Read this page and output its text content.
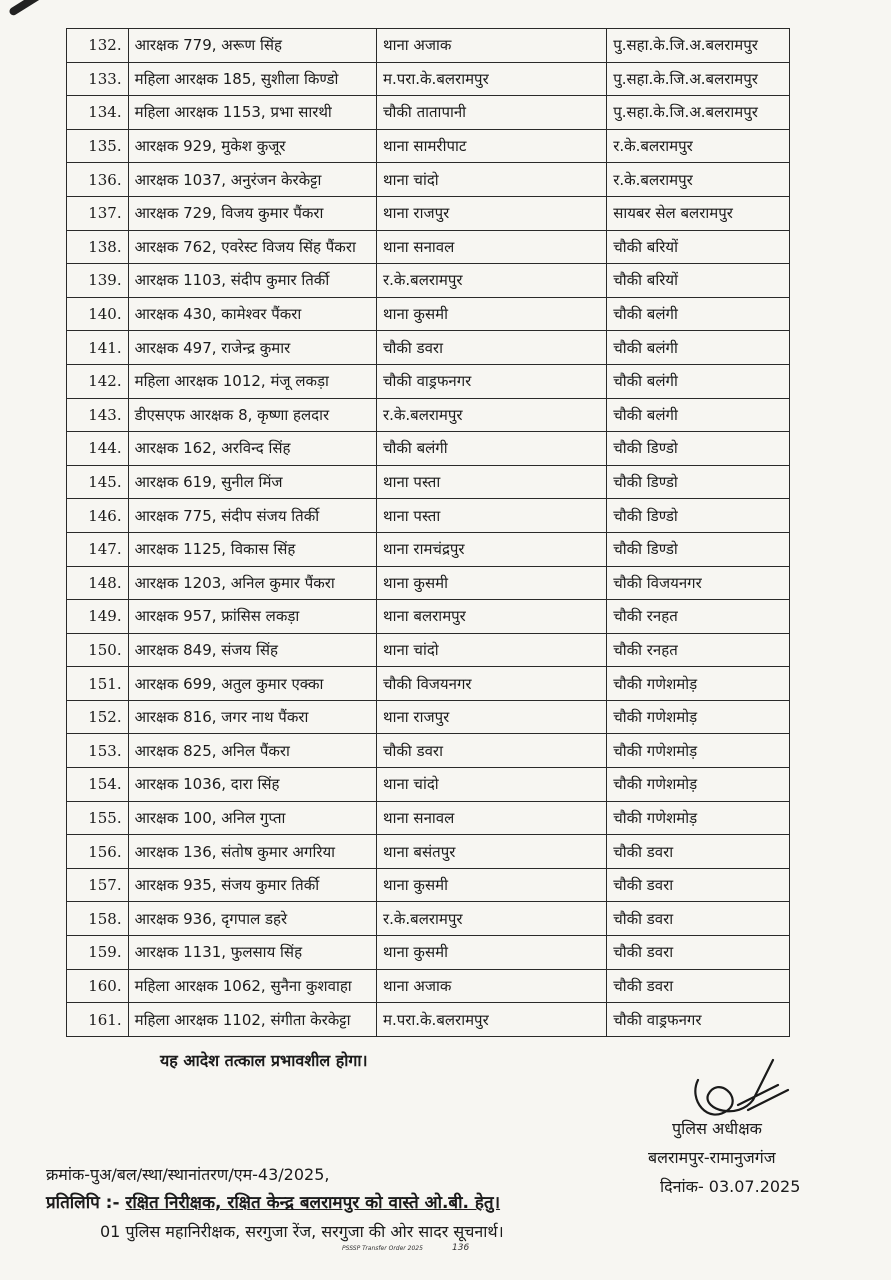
132.	आरक्षक 779, अरूण सिंह	थाना अजाक	पु.सहा.के.जि.अ.बलरामपुर
133.	महिला आरक्षक 185, सुशीला किण्डो	म.परा.के.बलरामपुर	पु.सहा.के.जि.अ.बलरामपुर
134.	महिला आरक्षक 1153, प्रभा सारथी	चौकी तातापानी	पु.सहा.के.जि.अ.बलरामपुर
135.	आरक्षक 929, मुकेश कुजूर	थाना सामरीपाट	र.के.बलरामपुर
136.	आरक्षक 1037, अनुरंजन केरकेट्टा	थाना चांदो	र.के.बलरामपुर
137.	आरक्षक 729, विजय कुमार पैंकरा	थाना राजपुर	सायबर सेल बलरामपुर
138.	आरक्षक 762, एवरेस्ट विजय सिंह पैंकरा	थाना सनावल	चौकी बरियों
139.	आरक्षक 1103, संदीप कुमार तिर्की	र.के.बलरामपुर	चौकी बरियों
140.	आरक्षक 430, कामेश्वर पैंकरा	थाना कुसमी	चौकी बलंगी
141.	आरक्षक 497, राजेन्द्र कुमार	चौकी डवरा	चौकी बलंगी
142.	महिला आरक्षक 1012, मंजू लकड़ा	चौकी वाड्रफनगर	चौकी बलंगी
143.	डीएसएफ आरक्षक 8, कृष्णा हलदार	र.के.बलरामपुर	चौकी बलंगी
144.	आरक्षक 162, अरविन्द सिंह	चौकी बलंगी	चौकी डिण्डो
145.	आरक्षक 619, सुनील मिंज	थाना पस्ता	चौकी डिण्डो
146.	आरक्षक 775, संदीप संजय तिर्की	थाना पस्ता	चौकी डिण्डो
147.	आरक्षक 1125, विकास सिंह	थाना रामचंद्रपुर	चौकी डिण्डो
148.	आरक्षक 1203, अनिल कुमार पैंकरा	थाना कुसमी	चौकी विजयनगर
149.	आरक्षक 957, फ्रांसिस लकड़ा	थाना बलरामपुर	चौकी रनहत
150.	आरक्षक 849, संजय सिंह	थाना चांदो	चौकी रनहत
151.	आरक्षक 699, अतुल कुमार एक्का	चौकी विजयनगर	चौकी गणेशमोड़
152.	आरक्षक 816, जगर नाथ पैंकरा	थाना राजपुर	चौकी गणेशमोड़
153.	आरक्षक 825, अनिल पैंकरा	चौकी डवरा	चौकी गणेशमोड़
154.	आरक्षक 1036, दारा सिंह	थाना चांदो	चौकी गणेशमोड़
155.	आरक्षक 100, अनिल गुप्ता	थाना सनावल	चौकी गणेशमोड़
156.	आरक्षक 136, संतोष कुमार अगरिया	थाना बसंतपुर	चौकी डवरा
157.	आरक्षक 935, संजय कुमार तिर्की	थाना कुसमी	चौकी डवरा
158.	आरक्षक 936, दृगपाल डहरे	र.के.बलरामपुर	चौकी डवरा
159.	आरक्षक 1131, फुलसाय सिंह	थाना कुसमी	चौकी डवरा
160.	महिला आरक्षक 1062, सुनैना कुशवाहा	थाना अजाक	चौकी डवरा
161.	महिला आरक्षक 1102, संगीता केरकेट्टा	म.परा.के.बलरामपुर	चौकी वाड्रफनगर
यह आदेश तत्काल प्रभावशील होगा।
पुलिस अधीक्षक
बलरामपुर-रामानुजगंज
दिनांक- 03.07.2025
क्रमांक-पुअ/बल/स्था/स्थानांतरण/एम-43/2025,
प्रतिलिपि :- रक्षित निरीक्षक, रक्षित केन्द्र बलरामपुर को वास्ते ओ.बी. हेतु।
01 पुलिस महानिरीक्षक, सरगुजा रेंज, सरगुजा की ओर सादर सूचनार्थ।
PSSSP Transfer Order 2025	136
